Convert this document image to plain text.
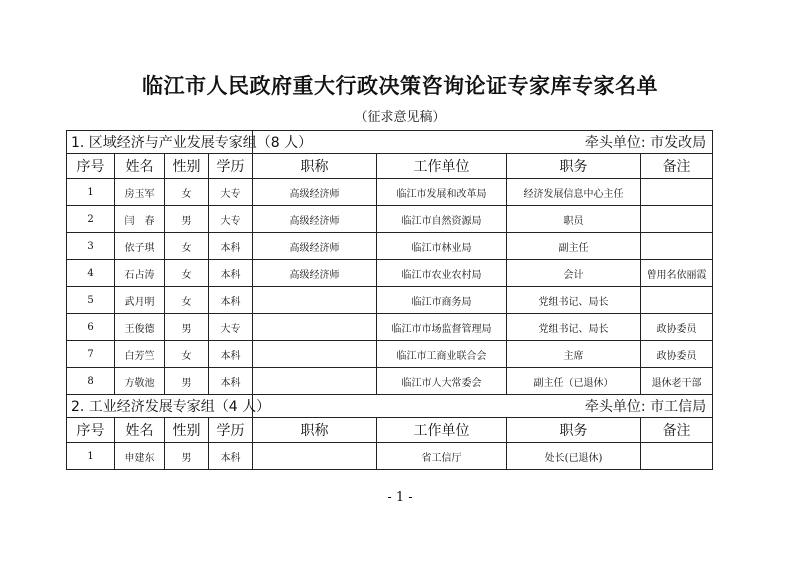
临江市人民政府重大行政决策咨询论证专家库专家名单
（征求意见稿）
1. 区域经济与产业发展专家组（8 人）				牵头单位: 市发改局			
序号	姓名	性别	学历	职称	工作单位	职务	备注
1	房玉军	女	大专	高级经济师	临江市发展和改革局	经济发展信息中心主任	
2	闫　春	男	大专	高级经济师	临江市自然资源局	职员	
3	依子琪	女	本科	高级经济师	临江市林业局	副主任	
4	石占涛	女	本科	高级经济师	临江市农业农村局	会计	曾用名依丽霞
5	武月明	女	本科		临江市商务局	党组书记、局长	
6	王俊德	男	大专		临江市市场监督管理局	党组书记、局长	政协委员
7	白芳竺	女	本科		临江市工商业联合会	主席	政协委员
8	方敬池	男	本科		临江市人大常委会	副主任（已退休）	退休老干部
2. 工业经济发展专家组（4 人）				牵头单位: 市工信局			
序号	姓名	性别	学历	职称	工作单位	职务	备注
1	申建东	男	本科		省工信厅	处长(已退休)	
- 1 -
